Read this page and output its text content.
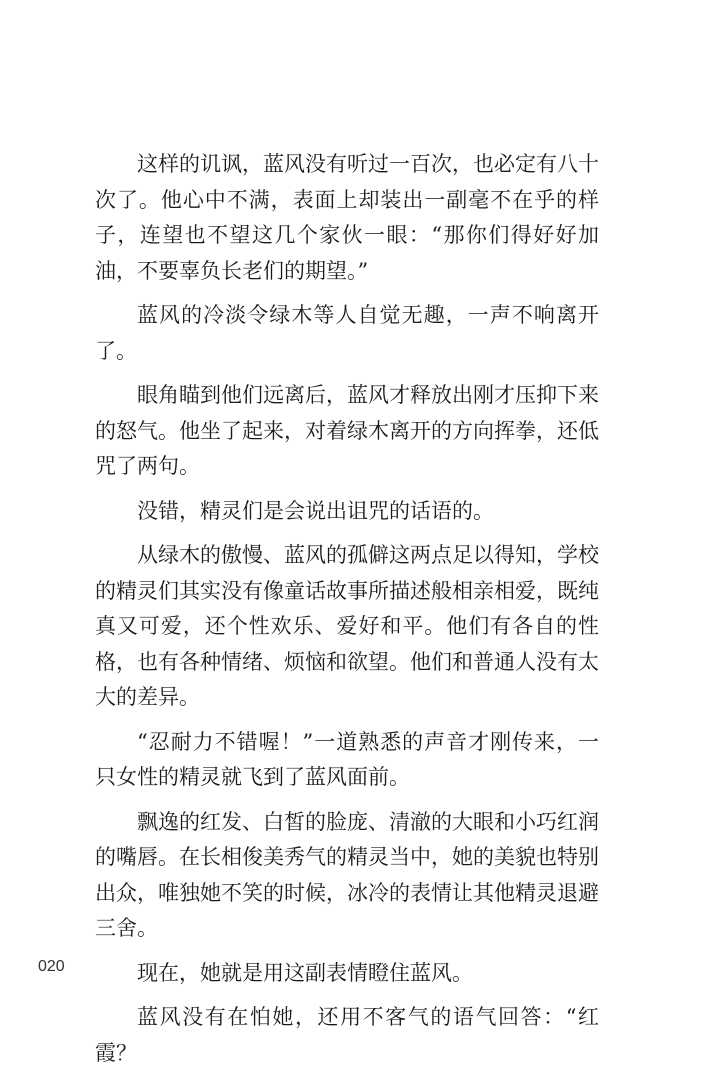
这样的讥讽，蓝风没有听过一百次，也必定有八十次了。他心中不满，表面上却装出一副毫不在乎的样子，连望也不望这几个家伙一眼：“那你们得好好加油，不要辜负长老们的期望。”

蓝风的冷淡令绿木等人自觉无趣，一声不响离开了。

眼角瞄到他们远离后，蓝风才释放出刚才压抑下来的怒气。他坐了起来，对着绿木离开的方向挥拳，还低咒了两句。

没错，精灵们是会说出诅咒的话语的。

从绿木的傲慢、蓝风的孤僻这两点足以得知，学校的精灵们其实没有像童话故事所描述般相亲相爱，既纯真又可爱，还个性欢乐、爱好和平。他们有各自的性格，也有各种情绪、烦恼和欲望。他们和普通人没有太大的差异。

“忍耐力不错喔！”一道熟悉的声音才刚传来，一只女性的精灵就飞到了蓝风面前。

飘逸的红发、白皙的脸庞、清澈的大眼和小巧红润的嘴唇。在长相俊美秀气的精灵当中，她的美貌也特别出众，唯独她不笑的时候，冰冷的表情让其他精灵退避三舍。

现在，她就是用这副表情瞪住蓝风。

蓝风没有在怕她，还用不客气的语气回答：“红霞？

020
